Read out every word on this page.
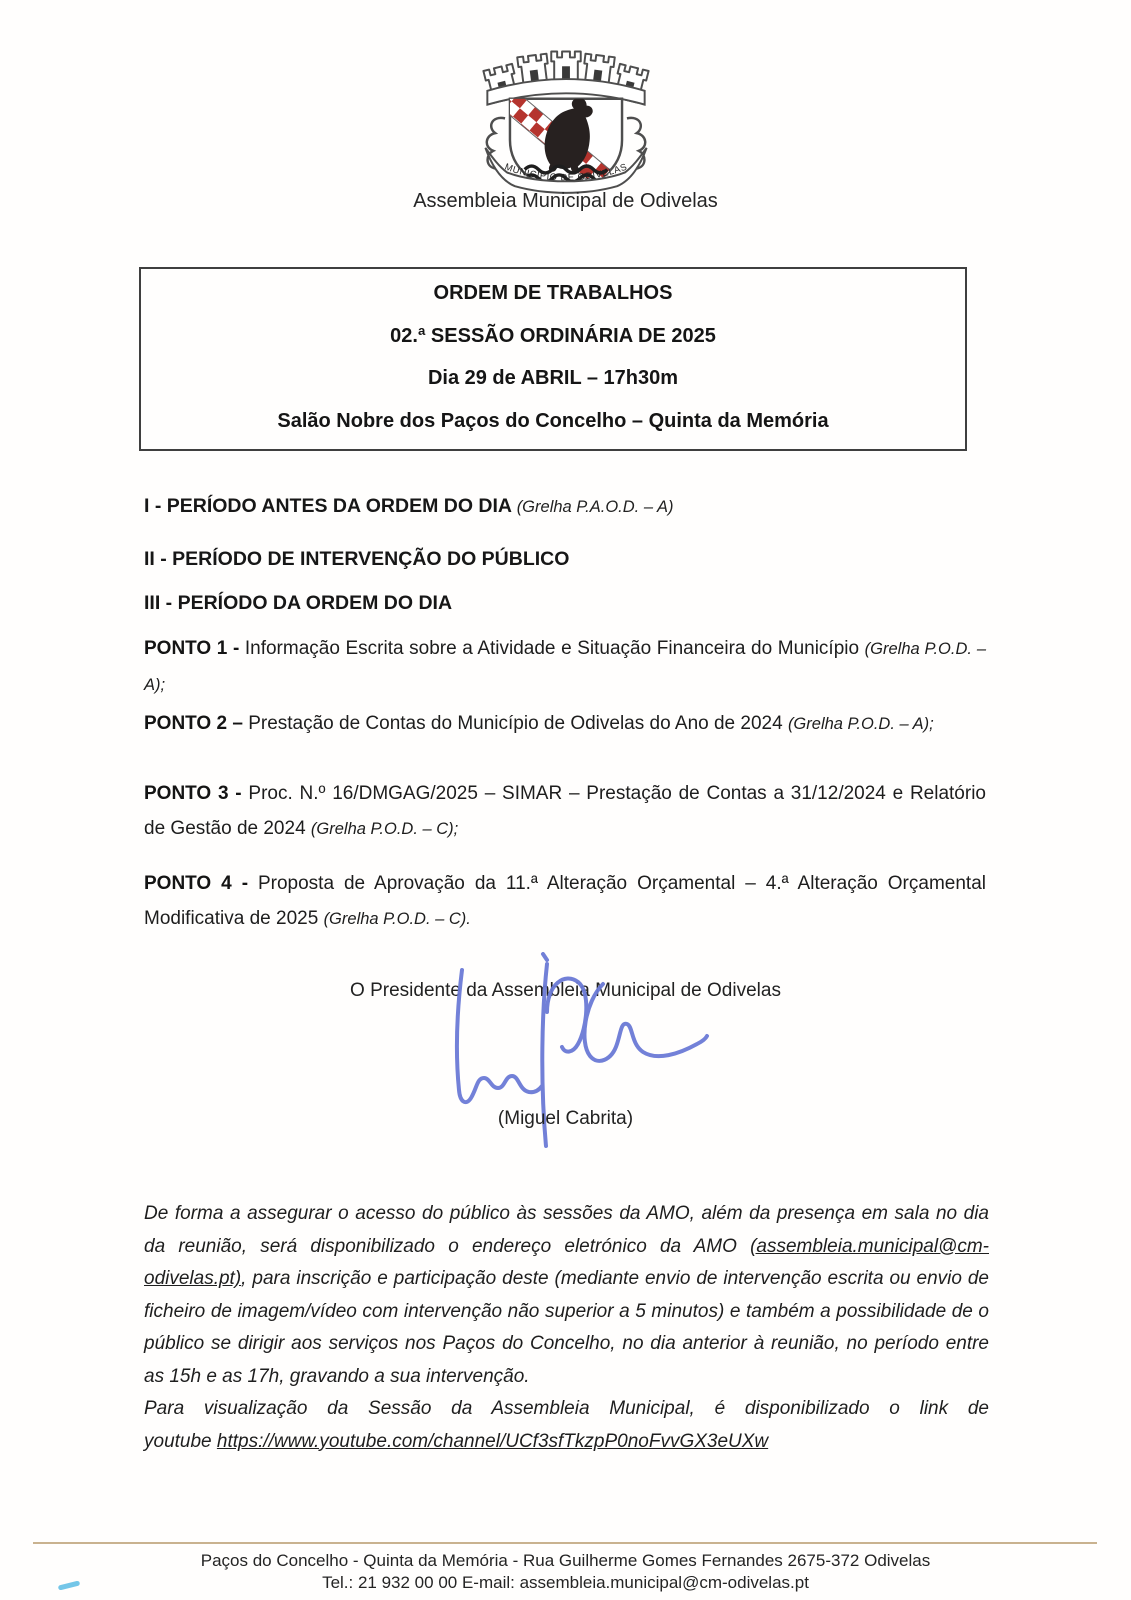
MUNICÍPIO DE ODIVELAS
Assembleia Municipal de Odivelas
ORDEM DE TRABALHOS
02.ª SESSÃO ORDINÁRIA DE 2025
Dia 29 de ABRIL – 17h30m
Salão Nobre dos Paços do Concelho – Quinta da Memória
I - PERÍODO ANTES DA ORDEM DO DIA (Grelha P.A.O.D. – A)
II - PERÍODO DE INTERVENÇÃO DO PÚBLICO
III - PERÍODO DA ORDEM DO DIA
PONTO 1 - Informação Escrita sobre a Atividade e Situação Financeira do Município (Grelha P.O.D. – A);
PONTO 2 – Prestação de Contas do Município de Odivelas do Ano de 2024 (Grelha P.O.D. – A);
PONTO 3 - Proc. N.º 16/DMGAG/2025 – SIMAR – Prestação de Contas a 31/12/2024 e Relatório de Gestão de 2024 (Grelha P.O.D. – C);
PONTO 4 - Proposta de Aprovação da 11.ª Alteração Orçamental – 4.ª Alteração Orçamental Modificativa de 2025 (Grelha P.O.D. – C).
O Presidente da Assembleia Municipal de Odivelas
(Miguel Cabrita)

De forma a assegurar o acesso do público às sessões da AMO, além da presença em sala no dia da reunião, será disponibilizado o endereço eletrónico da AMO (assembleia.municipal@cm-odivelas.pt), para inscrição e participação deste (mediante envio de intervenção escrita ou envio de ficheiro de imagem/vídeo com intervenção não superior a 5 minutos) e também a possibilidade de o público se dirigir aos serviços nos Paços do Concelho, no dia anterior à reunião, no período entre as 15h e as 17h, gravando a sua intervenção.

Para visualização da Sessão da Assembleia Municipal, é disponibilizado o link de

youtube https://www.youtube.com/channel/UCf3sfTkzpP0noFvvGX3eUXw

Paços do Concelho - Quinta da Memória - Rua Guilherme Gomes Fernandes 2675-372 Odivelas
Tel.: 21 932 00 00 E-mail: assembleia.municipal@cm-odivelas.pt
